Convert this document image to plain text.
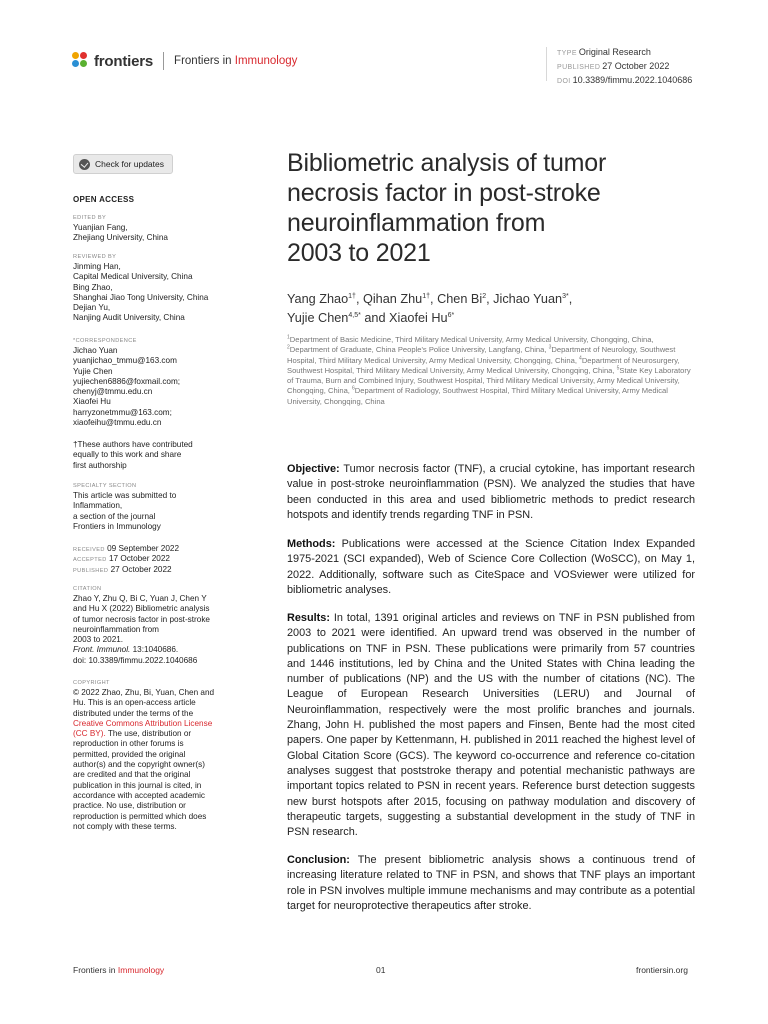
frontiers Frontiers in Immunology
TYPE Original Research
PUBLISHED 27 October 2022
DOI 10.3389/fimmu.2022.1040686
Check for updates
OPEN ACCESS
EDITED BY
Yuanjian Fang,
Zhejiang University, China
REVIEWED BY
Jinming Han,
Capital Medical University, China
Bing Zhao,
Shanghai Jiao Tong University, China
Dejian Yu,
Nanjing Audit University, China
*CORRESPONDENCE
Jichao Yuan
yuanjichao_tmmu@163.com
Yujie Chen
yujiechen6886@foxmail.com;
chenyj@tmmu.edu.cn
Xiaofei Hu
harryzonetmmu@163.com;
xiaofeihu@tmmu.edu.cn
†These authors have contributed
equally to this work and share
first authorship
SPECIALTY SECTION
This article was submitted to
Inflammation,
a section of the journal
Frontiers in Immunology
RECEIVED 09 September 2022
ACCEPTED 17 October 2022
PUBLISHED 27 October 2022
CITATION
Zhao Y, Zhu Q, Bi C, Yuan J, Chen Y
and Hu X (2022) Bibliometric analysis
of tumor necrosis factor in post-stroke
neuroinflammation from
2003 to 2021.
Front. Immunol. 13:1040686.
doi: 10.3389/fimmu.2022.1040686
COPYRIGHT
© 2022 Zhao, Zhu, Bi, Yuan, Chen and
Hu. This is an open-access article
distributed under the terms of the
Creative Commons Attribution License
(CC BY). The use, distribution or
reproduction in other forums is
permitted, provided the original
author(s) and the copyright owner(s)
are credited and that the original
publication in this journal is cited, in
accordance with accepted academic
practice. No use, distribution or
reproduction is permitted which does
not comply with these terms.
Bibliometric analysis of tumor
necrosis factor in post-stroke
neuroinflammation from
2003 to 2021
Yang Zhao$^{1\dagger}$, Qihan Zhu$^{1\dagger}$, Chen Bi$^2$, Jichao Yuan$^{3*}$,
Yujie Chen$^{4,5*}$ and Xiaofei $Hu^{6*}$
$^1$Department of Basic Medicine, Third Military Medical University, Army Medical University, Chongqing, China, $^2$Department of Graduate, China People's Police University, Langfang, China, $^3$Department of Neurology, Southwest Hospital, Third Military Medical University, Army Medical University, Chongqing, China, $^4$Department of Neurosurgery, Southwest Hospital, Third Military Medical University, Army Medical University, Chongqing, China, $^5$State Key Laboratory of Trauma, Burn and Combined Injury, Southwest Hospital, Third Military Medical University, Army Medical University, Chongqing, China, $^6$Department of Radiology, Southwest Hospital, Third Military Medical University, Army Medical University, Chongqing, China
Objective: Tumor necrosis factor (TNF), a crucial cytokine, has important research value in post-stroke neuroinflammation (PSN). We analyzed the studies that have been conducted in this area and used bibliometric methods to predict research hotspots and identify trends regarding TNF in PSN.
Methods: Publications were accessed at the Science Citation Index Expanded 1975-2021 (SCI expanded), Web of Science Core Collection (WoSCC), on May 1, 2022. Additionally, software such as CiteSpace and VOSviewer were utilized for bibliometric analyses.
Results: In total, 1391 original articles and reviews on TNF in PSN published from 2003 to 2021 were identified. An upward trend was observed in the number of publications on TNF in PSN. These publications were primarily from 57 countries and 1446 institutions, led by China and the United States with China leading the number of publications (NP) and the US with the number of citations (NC). The League of European Research Universities (LERU) and Journal of Neuroinflammation, respectively were the most prolific branches and journals. Zhang, John H. published the most papers and Finsen, Bente had the most cited papers. One paper by Kettenmann, H. published in 2011 reached the highest level of Global Citation Score (GCS). The keyword co-occurrence and reference co-citation analyses suggest that poststroke therapy and potential mechanistic pathways are important topics related to PSN in recent years. Reference burst detection suggests new burst hotspots after 2015, focusing on pathway modulation and discovery of therapeutic targets, suggesting a substantial development in the study of TNF in PSN research.
Conclusion: The present bibliometric analysis shows a continuous trend of increasing literature related to TNF in PSN, and shows that TNF plays an important role in PSN involves multiple immune mechanisms and may contribute as a potential target for neuroprotective therapeutics after stroke.
Frontiers in Immunology	01	frontiersin.org
